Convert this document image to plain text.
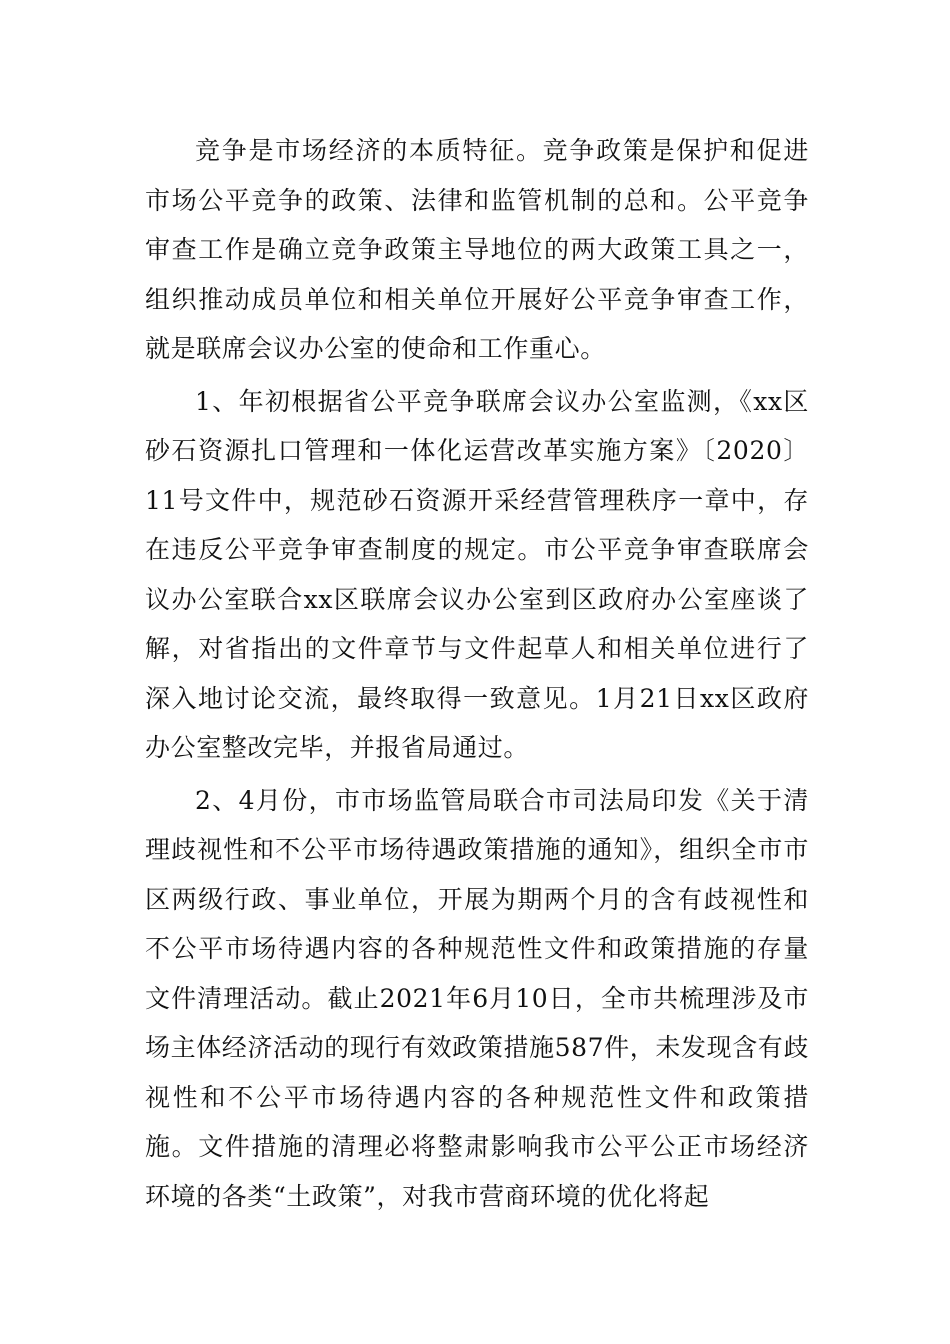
竞争是市场经济的本质特征。竞争政策是保护和促进市场公平竞争的政策、法律和监管机制的总和。公平竞争审查工作是确立竞争政策主导地位的两大政策工具之一，组织推动成员单位和相关单位开展好公平竞争审查工作，就是联席会议办公室的使命和工作重心。

1、年初根据省公平竞争联席会议办公室监测，《xx区砂石资源扎口管理和一体化运营改革实施方案》〔2020〕11号文件中，规范砂石资源开采经营管理秩序一章中，存在违反公平竞争审查制度的规定。市公平竞争审查联席会议办公室联合xx区联席会议办公室到区政府办公室座谈了解，对省指出的文件章节与文件起草人和相关单位进行了深入地讨论交流，最终取得一致意见。1月21日xx区政府办公室整改完毕，并报省局通过。

2、4月份，市市场监管局联合市司法局印发《关于清理歧视性和不公平市场待遇政策措施的通知》，组织全市市区两级行政、事业单位，开展为期两个月的含有歧视性和不公平市场待遇内容的各种规范性文件和政策措施的存量文件清理活动。截止2021年6月10日，全市共梳理涉及市场主体经济活动的现行有效政策措施587件，未发现含有歧视性和不公平市场待遇内容的各种规范性文件和政策措施。文件措施的清理必将整肃影响我市公平公正市场经济环境的各类“土政策”，对我市营商环境的优化将起
